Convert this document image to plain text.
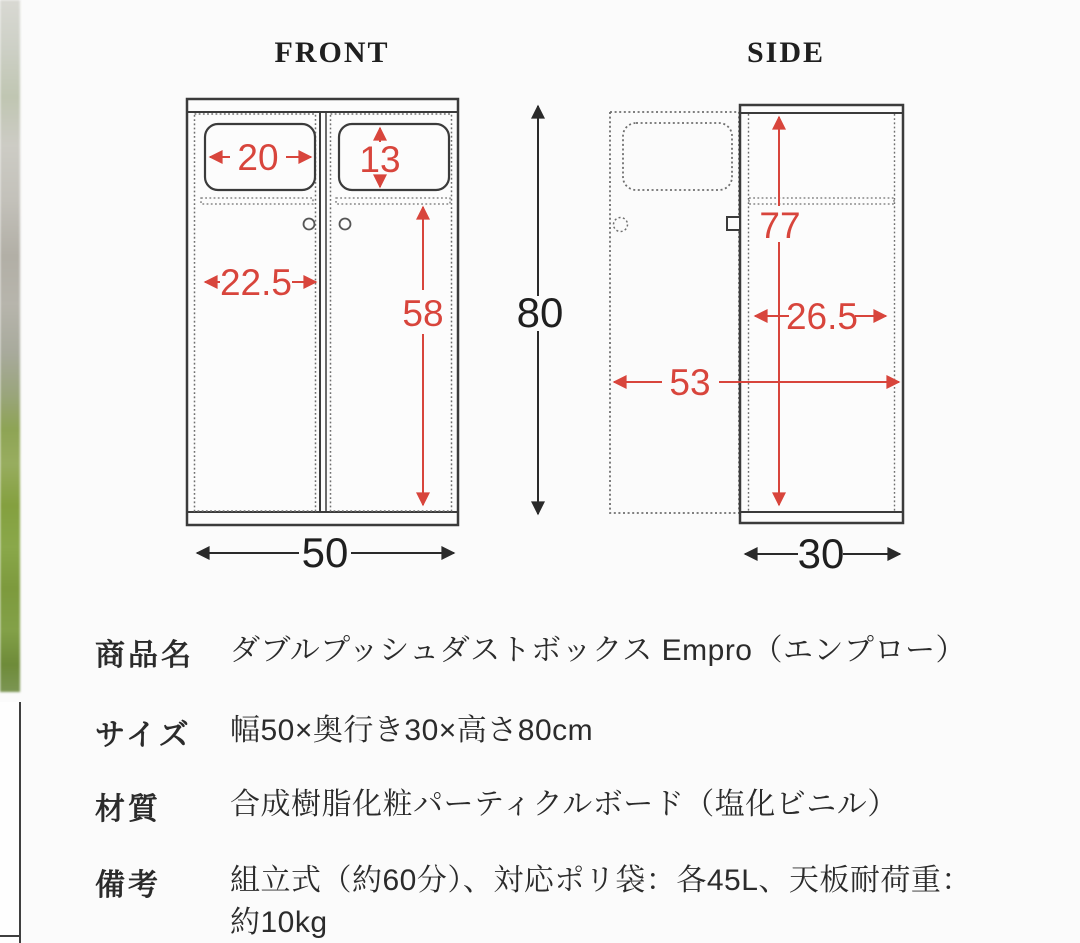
FRONT
20 13
22.5
58 80
50
SIDE
77
26.5
53
30
商品名	ダブルプッシュダストボックス Empro（エンプロー）
サイズ	幅50×奥行き30×高さ80cm
材質	合成樹脂化粧パーティクルボード（塩化ビニル）
備考	組立式（約60分）、対応ポリ袋：各45L、天板耐荷重：約10kg
